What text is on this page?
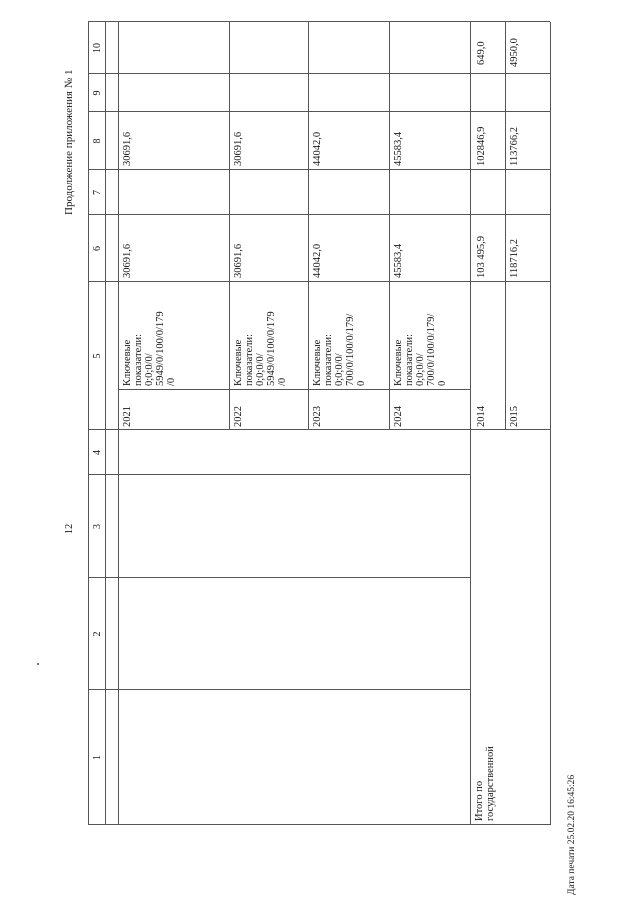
12
Продолжение приложения № 1
Дата печати 25.02.20 16:45:26
1
2
3
4
5
6
7
8
9
10
2021
Ключевые
показатели:
0;0;0/0/
5949/0/100/0/179
/0
30691,6
30691,6
2022
Ключевые
показатели:
0;0;0/0/
5949/0/100/0/179
/0
30691,6
30691,6
2023
Ключевые
показатели:
0;0;0/0/
700/0/100/0/179/
0
44042,0
44042,0
2024
Ключевые
показатели:
0;0;0/0/
700/0/100/0/179/
0
45583,4
45583,4
Итого по
государственной
2014
103 495,9
102846,9
649,0
2015
118716,2
113766,2
4950,0
